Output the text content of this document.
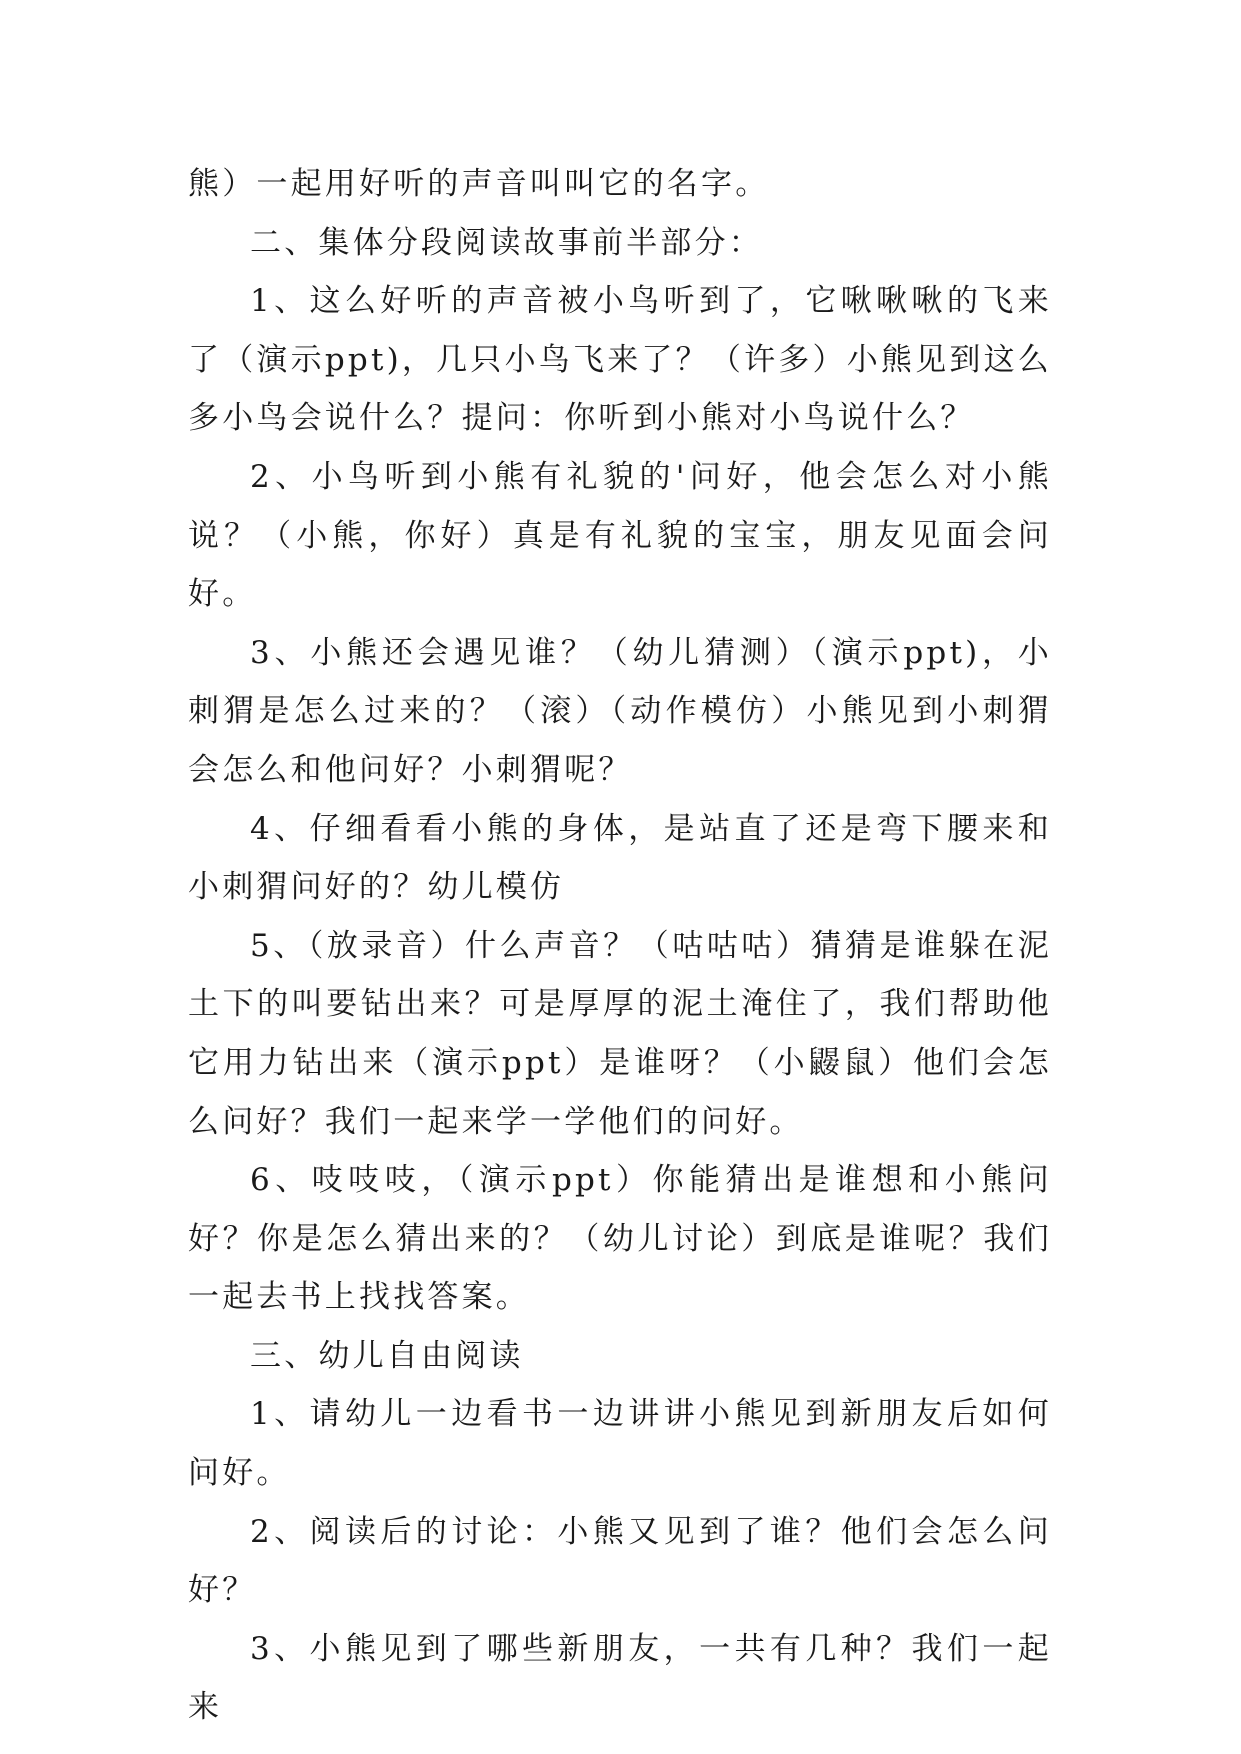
熊）一起用好听的声音叫叫它的名字。

二、集体分段阅读故事前半部分：

1、这么好听的声音被小鸟听到了，它啾啾啾的飞来了（演示ppt)，几只小鸟飞来了？（许多）小熊见到这么多小鸟会说什么？提问：你听到小熊对小鸟说什么？

2、小鸟听到小熊有礼貌的'问好，他会怎么对小熊说？（小熊，你好）真是有礼貌的宝宝，朋友见面会问好。

3、小熊还会遇见谁？（幼儿猜测）（演示ppt)，小刺猬是怎么过来的？（滚）（动作模仿）小熊见到小刺猬会怎么和他问好？小刺猬呢？

4、仔细看看小熊的身体，是站直了还是弯下腰来和小刺猬问好的？幼儿模仿

5、（放录音）什么声音？（咕咕咕）猜猜是谁躲在泥土下的叫要钻出来？可是厚厚的泥土淹住了，我们帮助他它用力钻出来（演示ppt）是谁呀？（小鼹鼠）他们会怎么问好？我们一起来学一学他们的问好。

6、吱吱吱，（演示ppt）你能猜出是谁想和小熊问好？你是怎么猜出来的？（幼儿讨论）到底是谁呢？我们一起去书上找找答案。

三、幼儿自由阅读

1、请幼儿一边看书一边讲讲小熊见到新朋友后如何问好。

2、阅读后的讨论：小熊又见到了谁？他们会怎么问好？

3、小熊见到了哪些新朋友，一共有几种？我们一起来
